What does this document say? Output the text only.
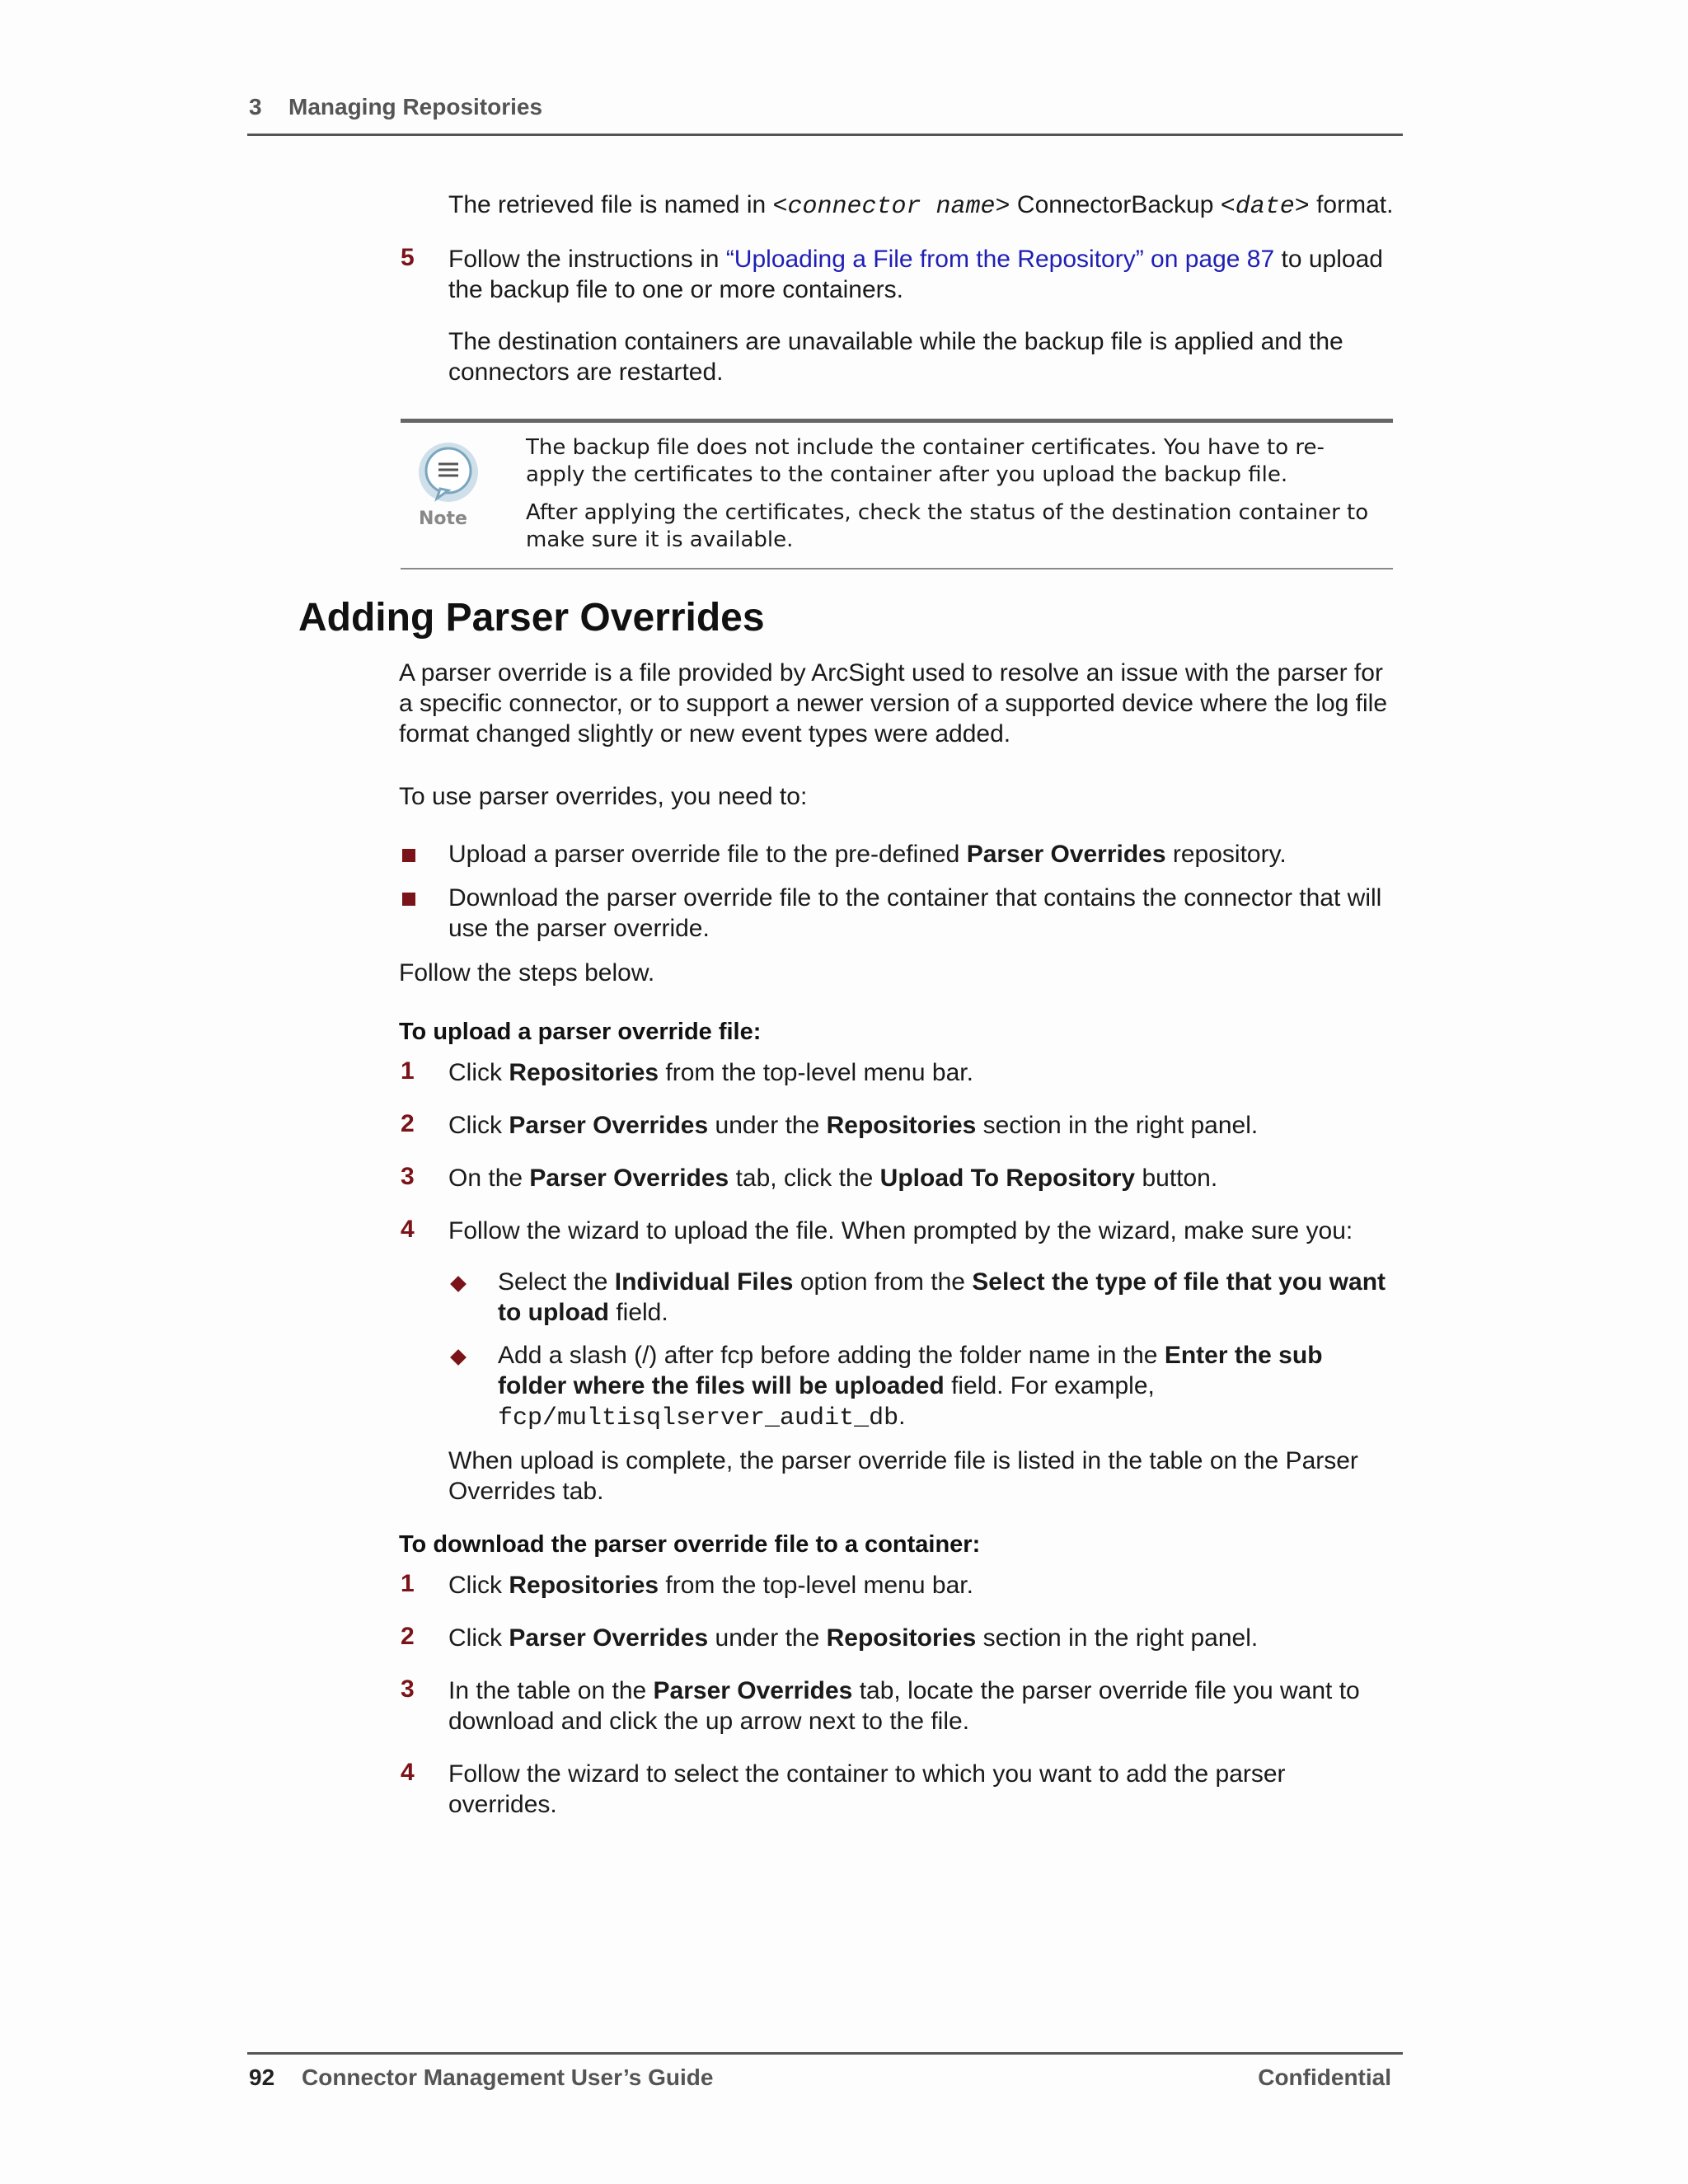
3 Managing Repositories
The retrieved file is named in <connector name> ConnectorBackup <date> format.
5 Follow the instructions in “Uploading a File from the Repository” on page 87 to upload the backup file to one or more containers.
The destination containers are unavailable while the backup file is applied and the connectors are restarted.
Note
The backup file does not include the container certificates. You have to re-apply the certificates to the container after you upload the backup file.
After applying the certificates, check the status of the destination container to make sure it is available.
Adding Parser Overrides
A parser override is a file provided by ArcSight used to resolve an issue with the parser for a specific connector, or to support a newer version of a supported device where the log file format changed slightly or new event types were added.
To use parser overrides, you need to:
Upload a parser override file to the pre-defined Parser Overrides repository.
Download the parser override file to the container that contains the connector that will use the parser override.
Follow the steps below.
To upload a parser override file:
1 Click Repositories from the top-level menu bar.
2 Click Parser Overrides under the Repositories section in the right panel.
3 On the Parser Overrides tab, click the Upload To Repository button.
4 Follow the wizard to upload the file. When prompted by the wizard, make sure you:
Select the Individual Files option from the Select the type of file that you want to upload field.
Add a slash (/) after fcp before adding the folder name in the Enter the sub folder where the files will be uploaded field. For example, fcp/multisqlserver_audit_db.
When upload is complete, the parser override file is listed in the table on the Parser Overrides tab.
To download the parser override file to a container:
1 Click Repositories from the top-level menu bar.
2 Click Parser Overrides under the Repositories section in the right panel.
3 In the table on the Parser Overrides tab, locate the parser override file you want to download and click the up arrow next to the file.
4 Follow the wizard to select the container to which you want to add the parser overrides.
92 Connector Management User’s Guide	Confidential
